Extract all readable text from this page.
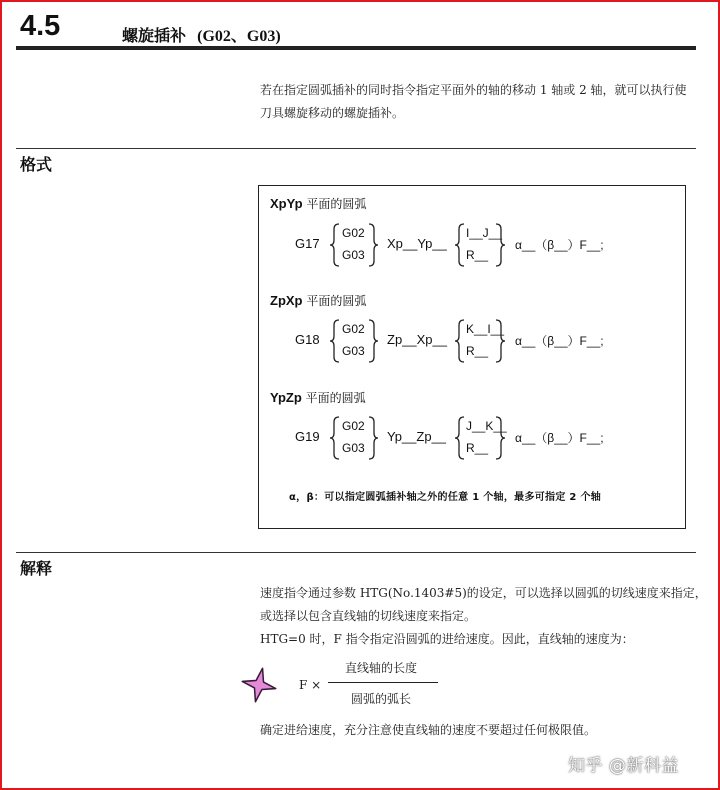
4.5	螺旋插补 (G02、G03)
若在指定圆弧插补的同时指令指定平面外的轴的移动 1 轴或 2 轴，就可以执行使
刀具螺旋移动的螺旋插补。
格式
XpYp 平面的圆弧
G17
G02
G03
Xp__Yp__
I__J__
R__
α__（β__）F__;
ZpXp 平面的圆弧
G18
G02
G03
Zp__Xp__
K__I__
R__
α__（β__）F__;
YpZp 平面的圆弧
G19
G02
G03
Yp__Zp__
J__K__
R__
α__（β__）F__;
α，β：可以指定圆弧插补轴之外的任意 1 个轴，最多可指定 2 个轴
解释
速度指令通过参数 HTG(No.1403#5)的设定，可以选择以圆弧的切线速度来指定，
或选择以包含直线轴的切线速度来指定。
HTG=0 时，F 指令指定沿圆弧的进给速度。因此，直线轴的速度为：
F ×
直线轴的长度
圆弧的弧长
确定进给速度，充分注意使直线轴的速度不要超过任何极限值。
知乎 @新科益
